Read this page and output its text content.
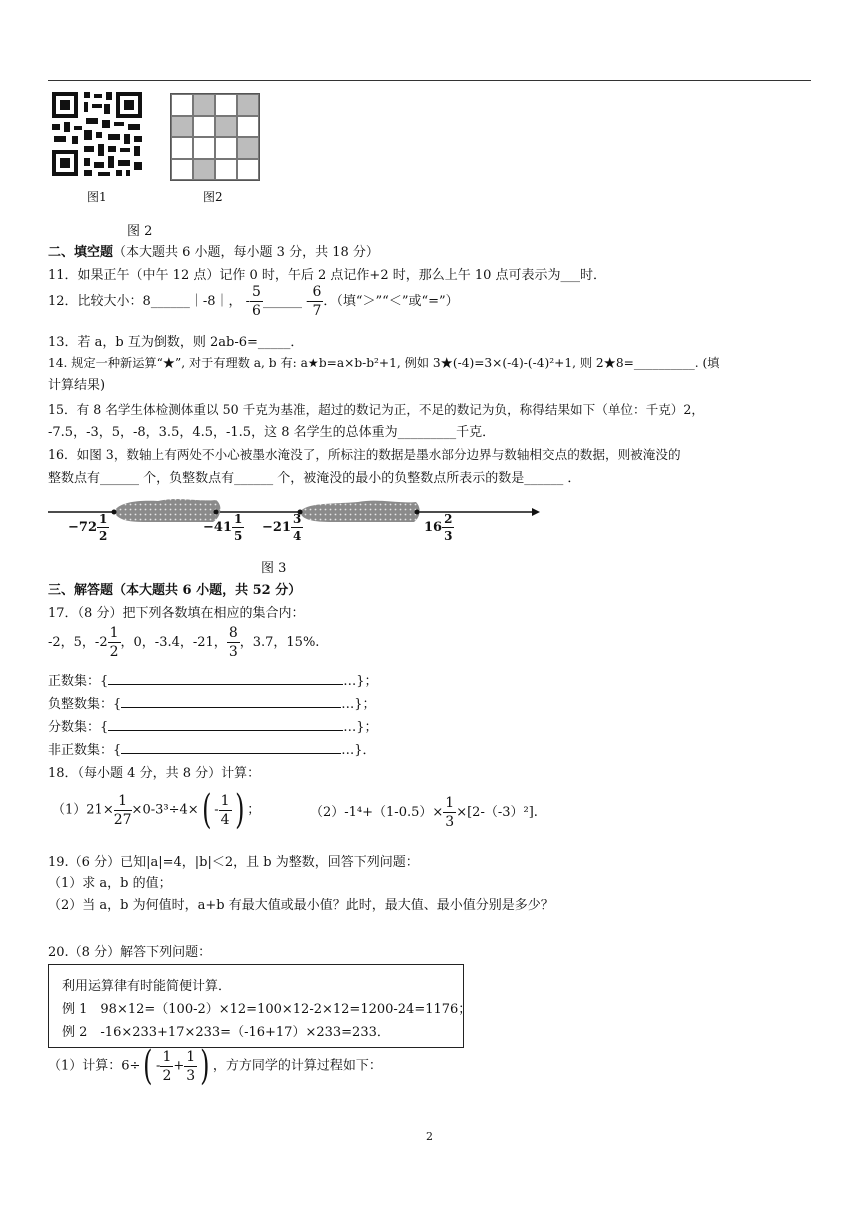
图1	图2
图 2
二、填空题（本大题共 6 小题，每小题 3 分，共 18 分）
11．如果正午（中午 12 点）记作 0 时，午后 2 点记作+2 时，那么上午 10 点可表示为___时．
12．比较大小：8______｜-8｜， - $\frac{5}{6}$ ______ - $\frac{6}{7}$ ．（填“＞”“＜”或“=”）
13．若 a，b 互为倒数，则 2ab-6=_____．
14. 规定一种新运算“★”, 对于有理数 a, b 有: a★b=a×b-b²+1, 例如 3★(-4)=3×(-4)-(-4)²+1, 则 2★8=__________. (填
计算结果)
15．有 8 名学生体检测体重以 50 千克为基准，超过的数记为正，不足的数记为负，称得结果如下（单位：千克）2，
-7.5，-3，5，-8，3.5，4.5，-1.5，这 8 名学生的总体重为_________千克．
16．如图 3，数轴上有两处不小心被墨水淹没了，所标注的数据是墨水部分边界与数轴相交点的数据，则被淹没的
整数点有______ 个，负整数点有______ 个，被淹没的最小的负整数点所表示的数是______ ．
$-72 \frac{1}{2}$	$-41 \frac{1}{5} -21 \frac{3}{4}$	$16 \frac{2}{3}$
图 3
三、解答题（本大题共 6 小题，共 52 分）
17．（8 分）把下列各数填在相应的集合内：
-2，5，$-2 \frac{1}{2}$ ，0，-3.4，-21， $\frac{8}{3}$ ，3.7，15%.
正数集：{	…}；
负整数集：{	…}；
分数集：{	…}；
非正数集：{	…}．
18．（每小题 4 分，共 8 分）计算：
$(1)21\times \frac{1}{27} \times 0-3^3\div 4\times( - \frac{1}{4}$ ) ；	$(2)-1^4+(1-0.5)\times \frac{1}{3} \times[2-(-3)^2]$.
19.（6 分）已知|a|=4，|b|＜2，且 b 为整数，回答下列问题：
（1）求 a，b 的值；
（2）当 a，b 为何值时，a+b 有最大值或最小值？此时，最大值、最小值分别是多少？
20.（8 分）解答下列问题：
利用运算律有时能简便计算．
例 1　98×12=（100-2）×12=100×12-2×12=1200-24=1176；
例 2　-16×233+17×233=（-16+17）×233=233．
（1）计算：$6\div( - \frac{1}{2} + \frac{1}{3}$ ) ，方方同学的计算过程如下：
2
